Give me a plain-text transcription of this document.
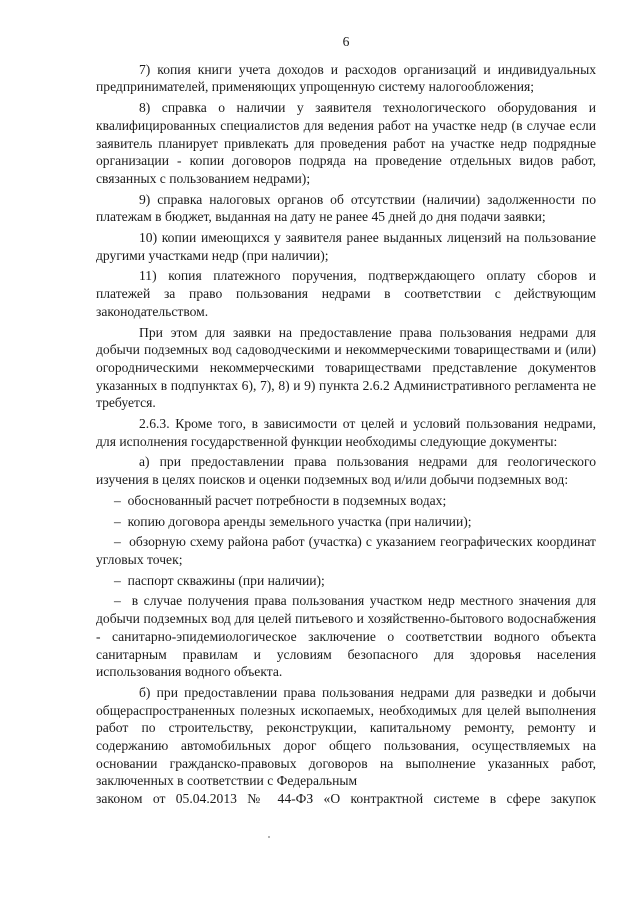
6

7) копия книги учета доходов и расходов организаций и индивидуальных предпринимателей, применяющих упрощенную систему налогообложения;

8) справка о наличии у заявителя технологического оборудования и квалифицированных специалистов для ведения работ на участке недр (в случае если заявитель планирует привлекать для проведения работ на участке недр подрядные организации - копии договоров подряда на проведение отдельных видов работ, связанных с пользованием недрами);

9) справка налоговых органов об отсутствии (наличии) задолженности по платежам в бюджет, выданная на дату не ранее 45 дней до дня подачи заявки;

10) копии имеющихся у заявителя ранее выданных лицензий на пользование другими участками недр (при наличии);

11) копия платежного поручения, подтверждающего оплату сборов и платежей за право пользования недрами в соответствии с действующим законодательством.

При этом для заявки на предоставление права пользования недрами для добычи подземных вод садоводческими и некоммерческими товариществами и (или) огородническими некоммерческими товариществами представление документов указанных в подпунктах 6), 7), 8) и 9) пункта 2.6.2 Административного регламента не требуется.

2.6.3. Кроме того, в зависимости от целей и условий пользования недрами, для исполнения государственной функции необходимы следующие документы:

а) при предоставлении права пользования недрами для геологического изучения в целях поисков и оценки подземных вод и/или добычи подземных вод:

–  обоснованный расчет потребности в подземных водах;

–  копию договора аренды земельного участка (при наличии);

–  обзорную схему района работ (участка) с указанием географических координат угловых точек;

–  паспорт скважины (при наличии);

–  в случае получения права пользования участком недр местного значения для добычи подземных вод для целей питьевого и хозяйственно-бытового водоснабжения - санитарно-эпидемиологическое заключение о соответствии водного объекта санитарным правилам и условиям безопасного для здоровья населения использования водного объекта.

б) при предоставлении права пользования недрами для разведки и добычи общераспространенных полезных ископаемых, необходимых для целей выполнения работ по строительству, реконструкции, капитальному ремонту, ремонту и содержанию автомобильных дорог общего пользования, осуществляемых на основании гражданско-правовых договоров на выполнение указанных работ, заключенных в соответствии с Федеральным

законом от 05.04.2013 № 44-ФЗ «О контрактной системе в сфере закупок
